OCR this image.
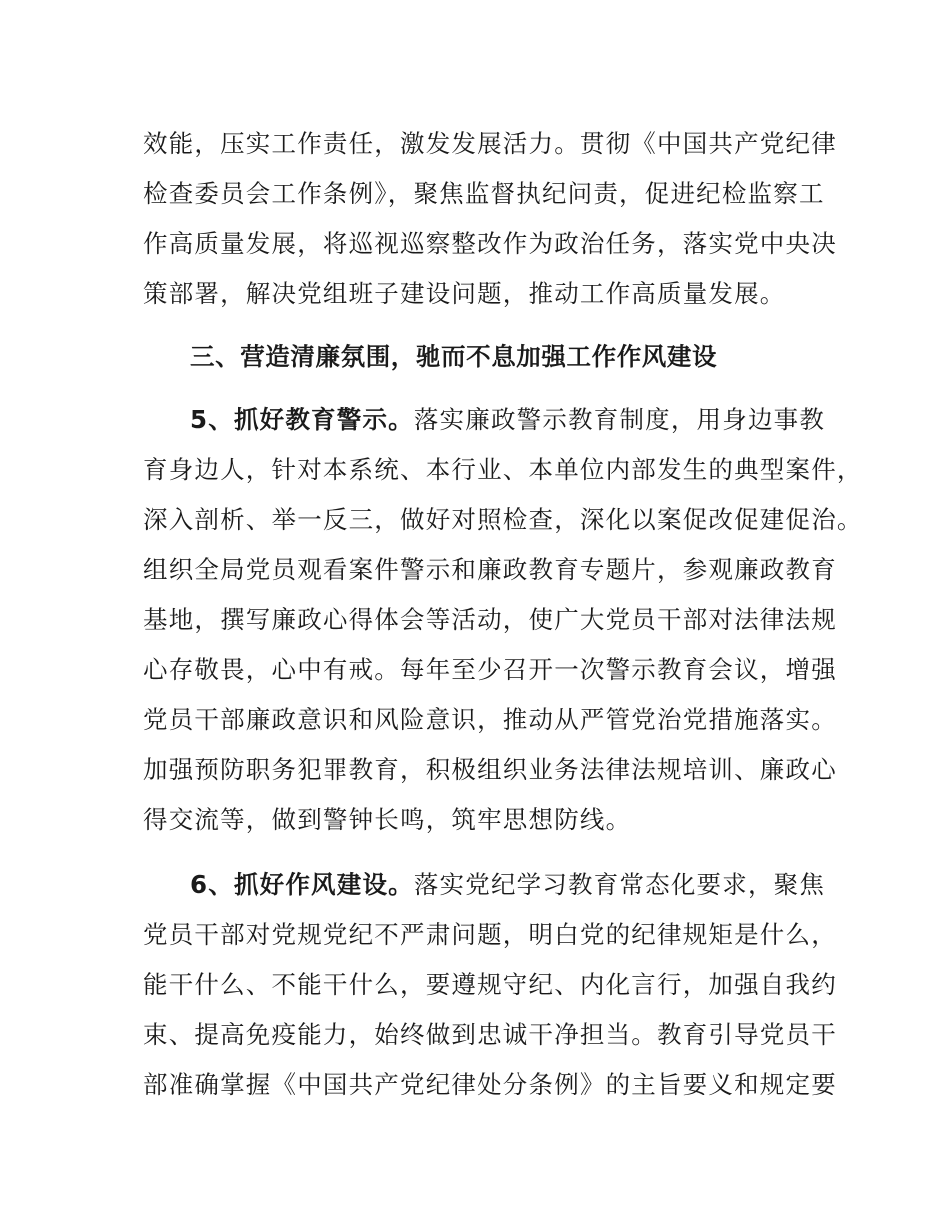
效能，压实工作责任，激发发展活力。贯彻《中国共产党纪律
检查委员会工作条例》，聚焦监督执纪问责，促进纪检监察工
作高质量发展，将巡视巡察整改作为政治任务，落实党中央决
策部署，解决党组班子建设问题，推动工作高质量发展。
三、营造清廉氛围，驰而不息加强工作作风建设
5、抓好教育警示。落实廉政警示教育制度，用身边事教
育身边人，针对本系统、本行业、本单位内部发生的典型案件，
深入剖析、举一反三，做好对照检查，深化以案促改促建促治。
组织全局党员观看案件警示和廉政教育专题片，参观廉政教育
基地，撰写廉政心得体会等活动，使广大党员干部对法律法规
心存敬畏，心中有戒。每年至少召开一次警示教育会议，增强
党员干部廉政意识和风险意识，推动从严管党治党措施落实。
加强预防职务犯罪教育，积极组织业务法律法规培训、廉政心
得交流等，做到警钟长鸣，筑牢思想防线。
6、抓好作风建设。落实党纪学习教育常态化要求，聚焦
党员干部对党规党纪不严肃问题，明白党的纪律规矩是什么，
能干什么、不能干什么，要遵规守纪、内化言行，加强自我约
束、提高免疫能力，始终做到忠诚干净担当。教育引导党员干
部准确掌握《中国共产党纪律处分条例》的主旨要义和规定要
